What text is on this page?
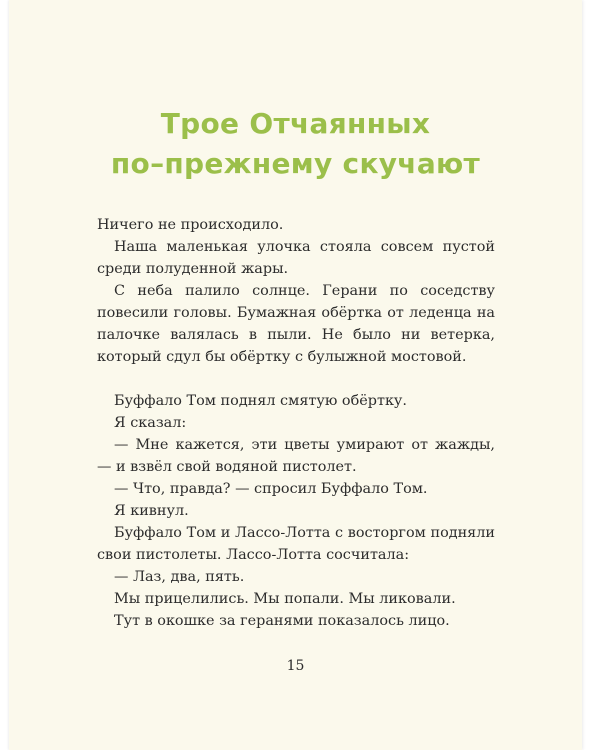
Трое Отчаянных
по–прежнему скучают

Ничего не происходило.

Наша маленькая улочка стояла совсем пустой среди полуденной жары.

С неба палило солнце. Герани по соседству повесили головы. Бумажная обёртка от леденца на палочке валялась в пыли. Не было ни ветерка, который сдул бы обёртку с булыжной мостовой.

Буффало Том поднял смятую обёртку.

Я сказал:

— Мне кажется, эти цветы умирают от жажды, — и взвёл свой водяной пистолет.

— Что, правда? — спросил Буффало Том.

Я кивнул.

Буффало Том и Лассо-Лотта с восторгом подняли свои пистолеты. Лассо-Лотта сосчитала:

— Лаз, два, пять.

Мы прицелились. Мы попали. Мы ликовали.

Тут в окошке за геранями показалось лицо.

15
